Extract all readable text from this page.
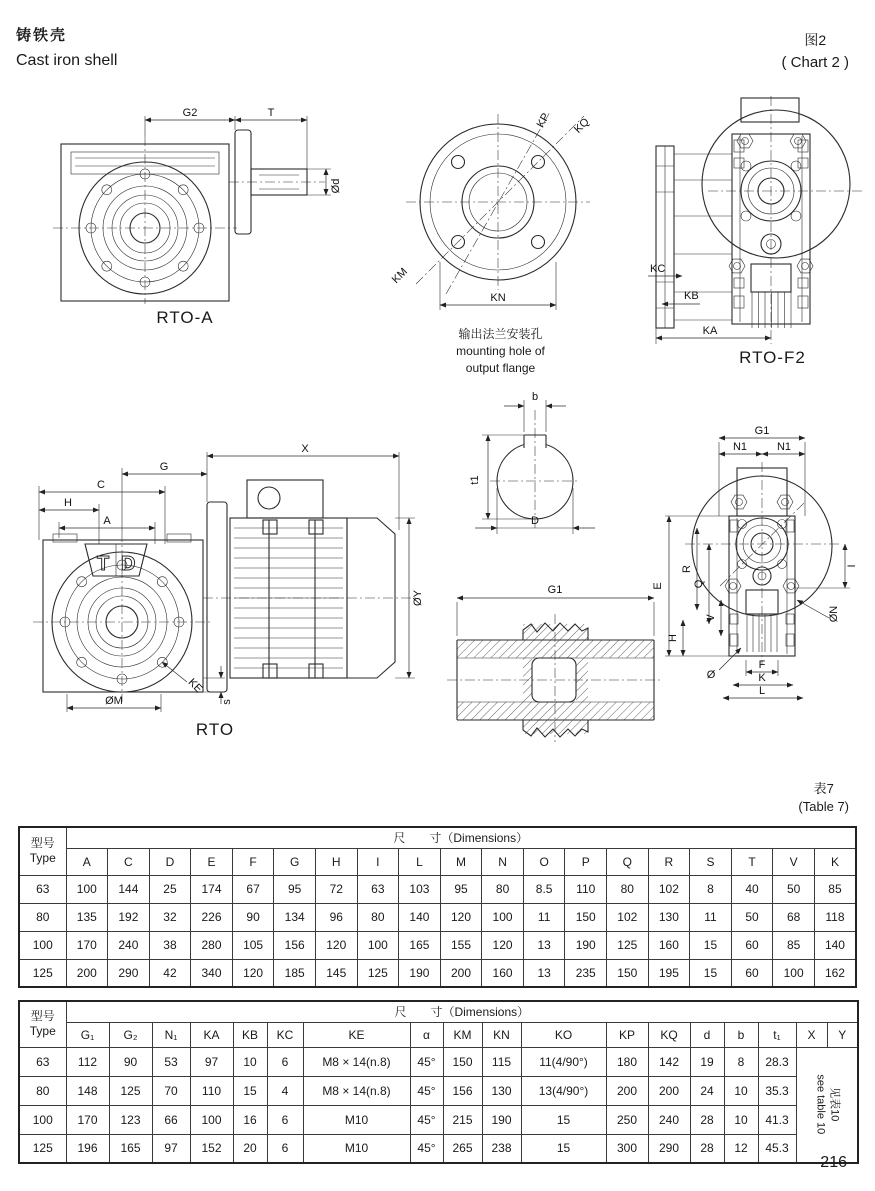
铸铁壳
Cast iron shell
图2
( Chart 2 )
G2	T
Ød
RTO-A
KP KQ
KM
KN
输出法兰安装孔
mounting hole of
output flange
KC
KB
KA
RTO-F2
T D
X
G
C
H
A
ØY
ØM
KE
s
RTO
b
t1
D
G1
G1
N1	N1
E
H
R
Q
V
I
ØN
F
K
L
Ø
表7
(Table 7)
型号
Type	尺　　寸（Dimensions）																		
	A	C	D	E	F	G	H	I	L	M	N	O	P	Q	R	S	T	V	K
63	100	144	25	174	67	95	72	63	103	95	80	8.5	110	80	102	8	40	50	85
80	135	192	32	226	90	134	96	80	140	120	100	11	150	102	130	11	50	68	118
100	170	240	38	280	105	156	120	100	165	155	120	13	190	125	160	15	60	85	140
125	200	290	42	340	120	185	145	125	190	200	160	13	235	150	195	15	60	100	162
型号
Type	尺　　寸（Dimensions）																	
	G₁	G₂	N₁	KA	KB	KC	KE	α	KM	KN	KO	KP	KQ	d	b	t₁	X	Y
63	112	90	53	97	10	6	M8 × 14(n.8)	45°	150	115	11(4/90°)	180	142	19	8	28.3	见表10
see table 10	

80	148	125	70	110	15	4	M8 × 14(n.8)	45°	156	130	13(4/90°)	200	200	24	10	35.3		
100	170	123	66	100	16	6	M10	45°	215	190	15	250	240	28	10	41.3		
125	196	165	97	152	20	6	M10	45°	265	238	15	300	290	28	12	45.3		
216
